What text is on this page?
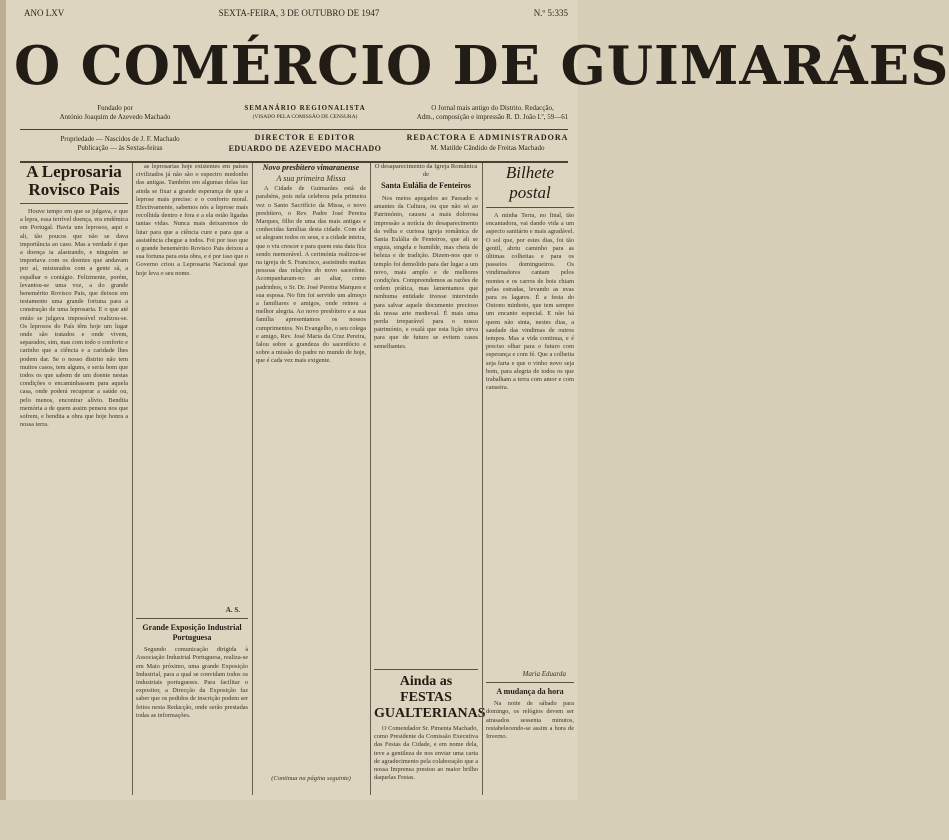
ANO LXV	SEXTA-FEIRA, 3 DE OUTUBRO DE 1947	N.º 5:335
O COMÉRCIO DE GUIMARÃES
Fundado por
António Joaquim de Azevedo Machado
SEMANÁRIO REGIONALISTA
(VISADO PELA COMISSÃO DE CENSURA)
O Jornal mais antigo do Distrito. Redacção,
Adm., composição e impressão R. D. João I.º, 59—61
Propriedade — Nascidos de J. F. Machado
Publicação — às Sextas-feiras
DIRECTOR E EDITOR
EDUARDO DE AZEVEDO MACHADO
REDACTORA E ADMINISTRADORA
M. Matilde Cândido de Freitas Machado
A Leprosaria Rovisco Pais

Houve tempo em que se julgava, e que a lepra, essa terrível doença, era endémica em Portugal. Havia uns leprosos, aqui e ali, tão poucos que não se dava importância ao caso. Mas a verdade é que a doença ia alastrando, e ninguém se importava com os doentes que andavam por aí, misturados com a gente sã, a espalhar o contágio. Felizmente, porém, levantou-se uma voz, a do grande benemérito Rovisco Pais, que deixou em testamento uma grande fortuna para a construção de uma leprosaria. E o que até então se julgava impossível realizou-se. Os leprosos do País têm hoje um lugar onde são tratados e onde vivem, separados, sim, mas com todo o conforto e carinho que a ciência e a caridade lhes podem dar. Se o nosso distrito não tem muitos casos, tem alguns, e seria bom que todos os que sabem de um doente nestas condições o encaminhassem para aquela casa, onde poderá recuperar a saúde ou, pelo menos, encontrar alívio. Bendita memória a de quem assim pensou nos que sofrem, e bendita a obra que hoje honra a nossa terra.

as leprosarias hoje existentes em países civilizados já não são o espectro medonho das antigas. Também em algumas delas faz ainda se fixar a grande esperança de que a leprose mais precise: e o conforto moral. Efectivamente, sabemos nós a leprose mais recolhida dentro e fora e a ela estão ligadas tantas vidas. Nunca mais deixaremos de lutar para que a ciência cure e para que a assistência chegue a todos. Foi por isso que o grande benemérito Rovisco Pais deixou a sua fortuna para esta obra, e é por isso que o Governo criou a Leprosaria Nacional que hoje leva o seu nome.

A. S.
Grande Exposição Industrial Portuguesa

Segundo comunicação dirigida à Associação Industrial Portuguesa, realiza-se em Maio próximo, uma grande Exposição Industrial, para a qual se convidam todos os industriais portugueses. Para facilitar o expositor, a Direcção da Exposição faz saber que os pedidos de inscrição podem ser feitos nesta Redacção, onde serão prestadas todas as informações.

Novo presbítero vimaranense
A sua primeira Missa

A Cidade de Guimarães está de parabéns, pois nela celebrou pela primeira vez o Santo Sacrifício da Missa, o novo presbítero, o Rev. Padre José Pereira Marques, filho de uma das mais antigas e conhecidas famílias desta cidade. Com ele se alegram todos os seus, e a cidade inteira, que o viu crescer e para quem esta data fica sendo memorável. A cerimónia realizou-se na igreja de S. Francisco, assistindo muitas pessoas das relações do novo sacerdote. Acompanharam-no ao altar, como padrinhos, o Sr. Dr. José Pereira Marques e sua esposa. No fim foi servido um almoço a familiares e amigos, onde reinou a melhor alegria. Ao novo presbítero e a sua família apresentamos os nossos cumprimentos. No Evangelho, o seu colega e amigo, Rev. José Maria da Cruz Pereira, falou sobre a grandeza do sacerdócio e sobre a missão do padre no mundo de hoje, que é cada vez mais exigente.

(Continua na página seguinte)
O desaparecimento da Igreja Românica de
Santa Eulália de Fenteiros

Nos meios apegados ao Passado e amantes da Cultura, ou que não só ao Património, causou a mais dolorosa impressão a notícia do desaparecimento da velha e curiosa igreja românica de Santa Eulália de Fenteiros, que ali se erguia, singela e humilde, mas cheia de beleza e de tradição. Dizem-nos que o templo foi demolido para dar lugar a um novo, mais amplo e de melhores condições. Compreendemos as razões de ordem prática, mas lamentamos que nenhuma entidade tivesse intervindo para salvar aquele documento precioso da nossa arte medieval. É mais uma perda irreparável para o nosso património, e oxalá que esta lição sirva para que de futuro se evitem casos semelhantes.

Ainda as FESTAS GUALTERIANAS

O Comendador Sr. Pimenta Machado, como Presidente da Comissão Executiva das Festas da Cidade, e em nome dela, teve a gentileza de nos enviar uma carta de agradecimento pela colaboração que a nossa Imprensa prestou ao maior brilho daquelas Festas.

Bilhete postal

A minha Terra, no final, tão encantadora, vai dando vida a um aspecto sanitário e mais agradável. O sol que, por estes dias, foi tão gentil, abriu caminho para as últimas colheitas e para os passeios domingueiros. Os vindimadores cantam pelos montes e os carros de bois chiam pelas estradas, levando as uvas para os lagares. É a festa do Outono minhoto, que tem sempre um encanto especial. E não há quem não sinta, nestes dias, a saudade das vindimas de outros tempos. Mas a vida continua, e é preciso olhar para o futuro com esperança e com fé. Que a colheita seja farta e que o vinho novo seja bom, para alegria de todos os que trabalham a terra com amor e com canseira.

Maria Eduarda
A mudança da hora

Na noite de sábado para domingo, os relógios devem ser atrasados sessenta minutos, restabelecendo-se assim a hora de Inverno.
